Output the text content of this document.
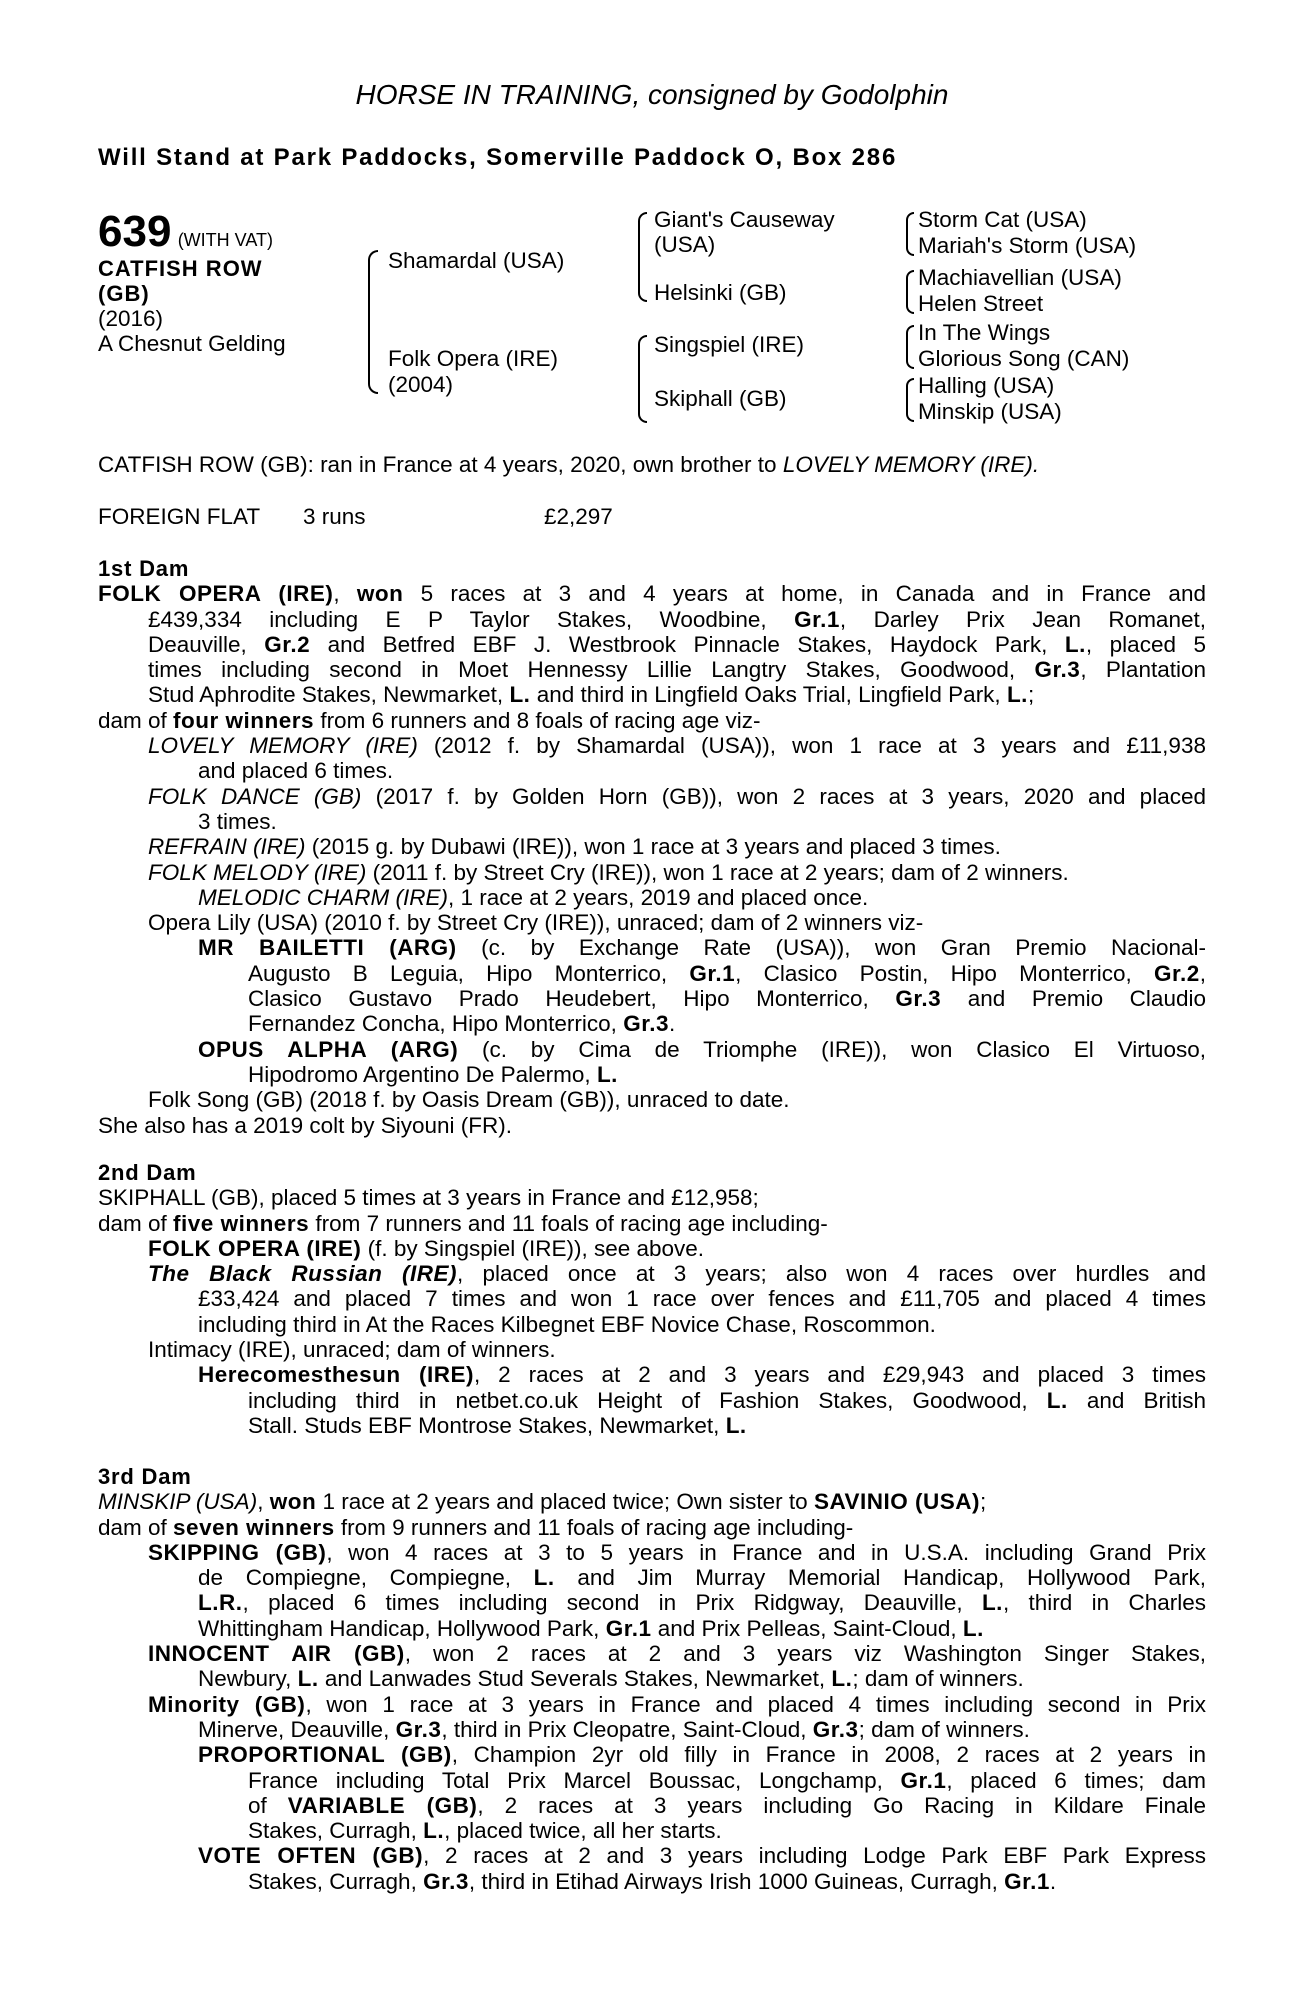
HORSE IN TRAINING, consigned by Godolphin
Will Stand at Park Paddocks, Somerville Paddock O, Box 286
639 (WITH VAT)
CATFISH ROW
(GB)
(2016)
A Chesnut Gelding
Shamardal (USA)
Folk Opera (IRE)
(2004)
Giant's Causeway
(USA)
Helsinki (GB)
Singspiel (IRE)
Skiphall (GB)
Storm Cat (USA)
Mariah's Storm (USA)
Machiavellian (USA)
Helen Street
In The Wings
Glorious Song (CAN)
Halling (USA)
Minskip (USA)
CATFISH ROW (GB): ran in France at 4 years, 2020, own brother to LOVELY MEMORY (IRE).
FOREIGN FLAT 3 runs	£2,297
1st Dam
FOLK OPERA (IRE), won 5 races at 3 and 4 years at home, in Canada and in France and
£439,334 including E P Taylor Stakes, Woodbine, Gr.1, Darley Prix Jean Romanet,
Deauville, Gr.2 and Betfred EBF J. Westbrook Pinnacle Stakes, Haydock Park, L., placed 5
times including second in Moet Hennessy Lillie Langtry Stakes, Goodwood, Gr.3, Plantation
Stud Aphrodite Stakes, Newmarket, L. and third in Lingfield Oaks Trial, Lingfield Park, L.;
dam of four winners from 6 runners and 8 foals of racing age viz-
LOVELY MEMORY (IRE) (2012 f. by Shamardal (USA)), won 1 race at 3 years and £11,938
and placed 6 times.
FOLK DANCE (GB) (2017 f. by Golden Horn (GB)), won 2 races at 3 years, 2020 and placed
3 times.
REFRAIN (IRE) (2015 g. by Dubawi (IRE)), won 1 race at 3 years and placed 3 times.
FOLK MELODY (IRE) (2011 f. by Street Cry (IRE)), won 1 race at 2 years; dam of 2 winners.
MELODIC CHARM (IRE), 1 race at 2 years, 2019 and placed once.
Opera Lily (USA) (2010 f. by Street Cry (IRE)), unraced; dam of 2 winners viz-
MR BAILETTI (ARG) (c. by Exchange Rate (USA)), won Gran Premio Nacional-
Augusto B Leguia, Hipo Monterrico, Gr.1, Clasico Postin, Hipo Monterrico, Gr.2,
Clasico Gustavo Prado Heudebert, Hipo Monterrico, Gr.3 and Premio Claudio
Fernandez Concha, Hipo Monterrico, Gr.3.
OPUS ALPHA (ARG) (c. by Cima de Triomphe (IRE)), won Clasico El Virtuoso,
Hipodromo Argentino De Palermo, L.
Folk Song (GB) (2018 f. by Oasis Dream (GB)), unraced to date.
She also has a 2019 colt by Siyouni (FR).
2nd Dam
SKIPHALL (GB), placed 5 times at 3 years in France and £12,958;
dam of five winners from 7 runners and 11 foals of racing age including-
FOLK OPERA (IRE) (f. by Singspiel (IRE)), see above.
The Black Russian (IRE), placed once at 3 years; also won 4 races over hurdles and
£33,424 and placed 7 times and won 1 race over fences and £11,705 and placed 4 times
including third in At the Races Kilbegnet EBF Novice Chase, Roscommon.
Intimacy (IRE), unraced; dam of winners.
Herecomesthesun (IRE), 2 races at 2 and 3 years and £29,943 and placed 3 times
including third in netbet.co.uk Height of Fashion Stakes, Goodwood, L. and British
Stall. Studs EBF Montrose Stakes, Newmarket, L.
3rd Dam
MINSKIP (USA), won 1 race at 2 years and placed twice; Own sister to SAVINIO (USA);
dam of seven winners from 9 runners and 11 foals of racing age including-
SKIPPING (GB), won 4 races at 3 to 5 years in France and in U.S.A. including Grand Prix
de Compiegne, Compiegne, L. and Jim Murray Memorial Handicap, Hollywood Park,
L.R., placed 6 times including second in Prix Ridgway, Deauville, L., third in Charles
Whittingham Handicap, Hollywood Park, Gr.1 and Prix Pelleas, Saint-Cloud, L.
INNOCENT AIR (GB), won 2 races at 2 and 3 years viz Washington Singer Stakes,
Newbury, L. and Lanwades Stud Severals Stakes, Newmarket, L.; dam of winners.
Minority (GB), won 1 race at 3 years in France and placed 4 times including second in Prix
Minerve, Deauville, Gr.3, third in Prix Cleopatre, Saint-Cloud, Gr.3; dam of winners.
PROPORTIONAL (GB), Champion 2yr old filly in France in 2008, 2 races at 2 years in
France including Total Prix Marcel Boussac, Longchamp, Gr.1, placed 6 times; dam
of VARIABLE (GB), 2 races at 3 years including Go Racing in Kildare Finale
Stakes, Curragh, L., placed twice, all her starts.
VOTE OFTEN (GB), 2 races at 2 and 3 years including Lodge Park EBF Park Express
Stakes, Curragh, Gr.3, third in Etihad Airways Irish 1000 Guineas, Curragh, Gr.1.
